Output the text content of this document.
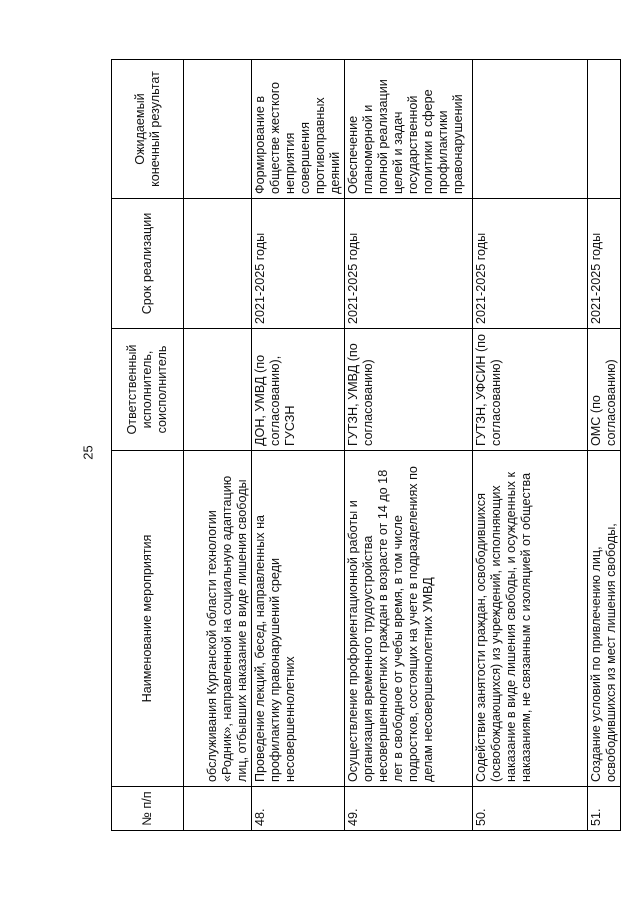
25
№ п/п	Наименование мероприятия	Ответственный исполнитель, соисполнитель	Срок реализации	Ожидаемый конечный результат
	обслуживания Курганской области технологии «Родник», направленной на социальную адаптацию лиц, отбывших наказание в виде лишения свободы			
48.	Проведение лекций, бесед, направленных на профилактику правонарушений среди несовершеннолетних	ДОН, УМВД (по согласованию), ГУСЗН	2021-2025 годы	Формирование в обществе жесткого неприятия совершения противоправных деяний
49.	Осуществление профориентационной работы и организация временного трудоустройства несовершеннолетних граждан в возрасте от 14 до 18 лет в свободное от учебы время, в том числе подростков, состоящих на учете в подразделениях по делам несовершеннолетних УМВД	ГУТЗН, УМВД (по согласованию)	2021-2025 годы	Обеспечение планомерной и полной реализации целей и задач государственной политики в сфере профилактики правонарушений
50.	Содействие занятости граждан, освободившихся (освобождающихся) из учреждений, исполняющих наказание в виде лишения свободы, и осужденных к наказаниям, не связанным с изоляцией от общества	ГУТЗН, УФСИН (по согласованию)	2021-2025 годы	
51.	Создание условий по привлечению лиц, освободившихся из мест лишения свободы,	ОМС (по согласованию)	2021-2025 годы	
